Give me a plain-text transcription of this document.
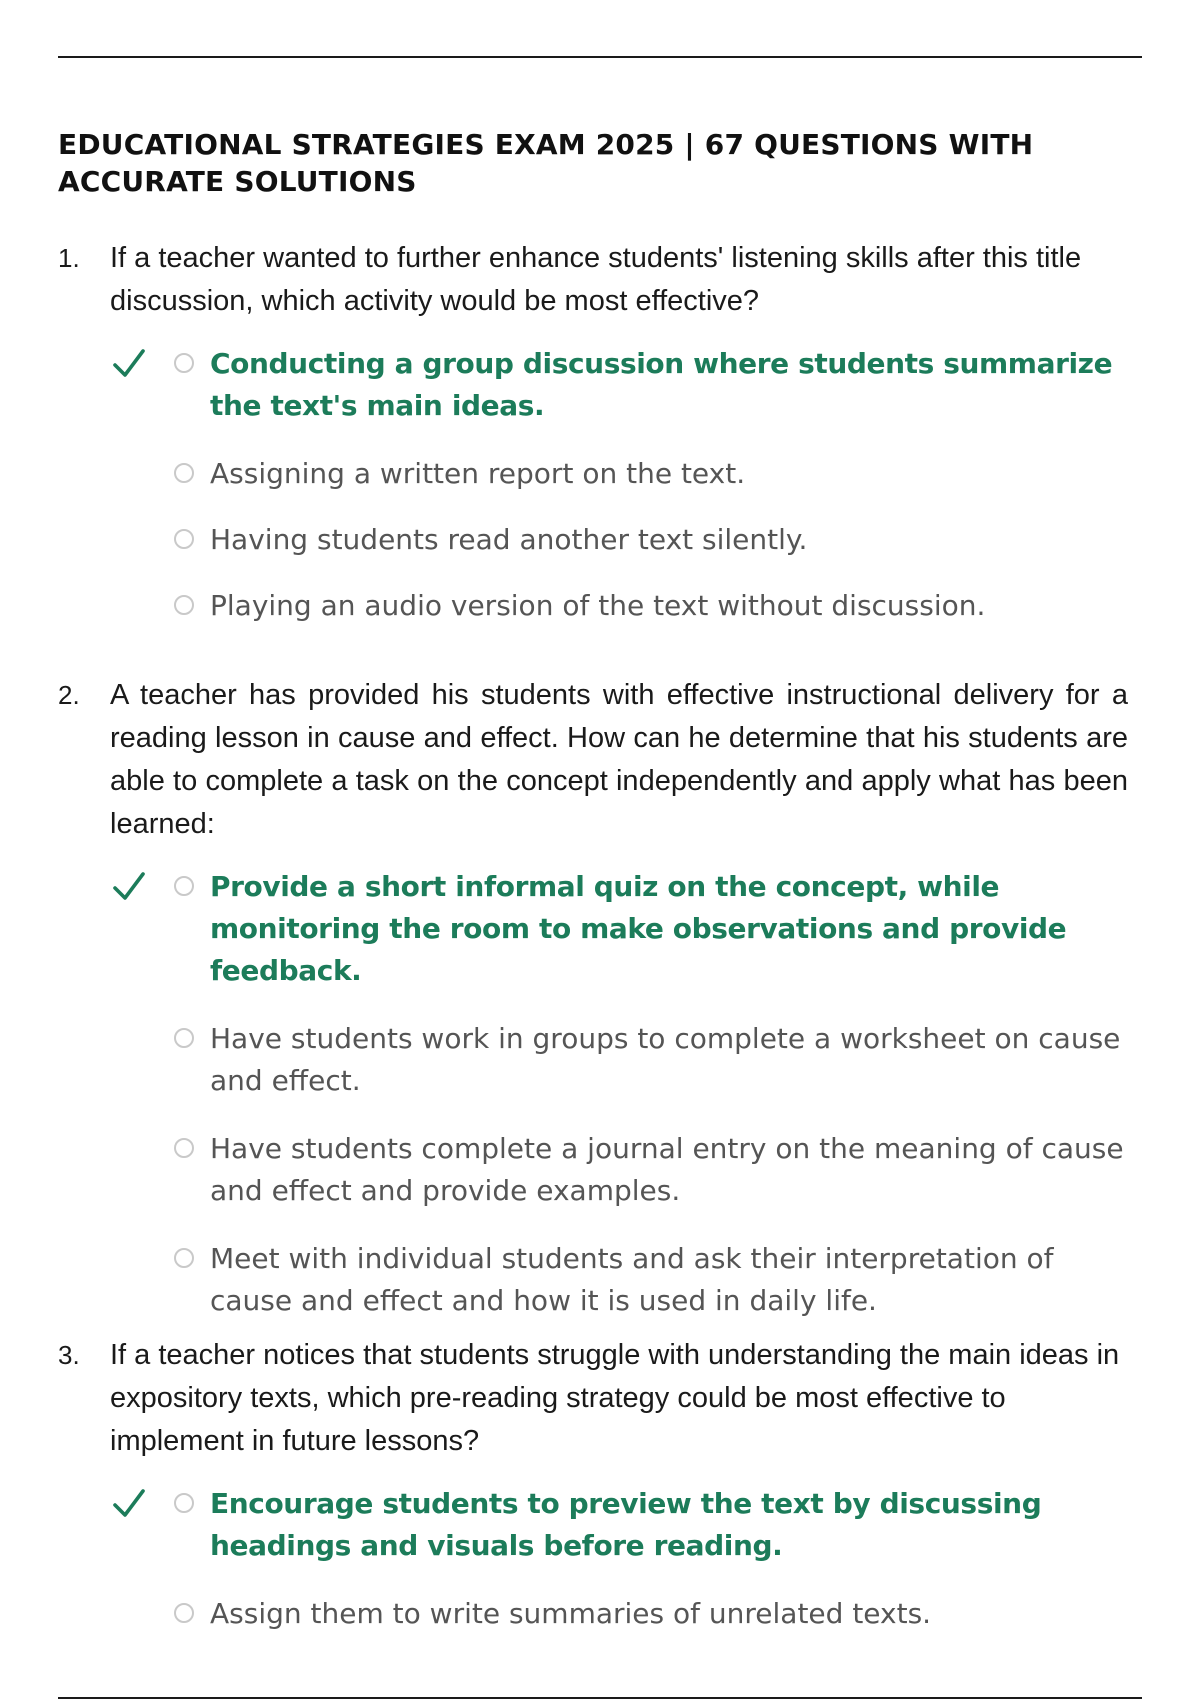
EDUCATIONAL STRATEGIES EXAM 2025 | 67 QUESTIONS WITH ACCURATE SOLUTIONS
1. If a teacher wanted to further enhance students' listening skills after this title discussion, which activity would be most effective?
Conducting a group discussion where students summarize the text's main ideas.
Assigning a written report on the text.
Having students read another text silently.
Playing an audio version of the text without discussion.
2. A teacher has provided his students with effective instructional delivery for a reading lesson in cause and effect. How can he determine that his students are able to complete a task on the concept independently and apply what has been learned:
Provide a short informal quiz on the concept, while monitoring the room to make observations and provide feedback.
Have students work in groups to complete a worksheet on cause and effect.
Have students complete a journal entry on the meaning of cause and effect and provide examples.
Meet with individual students and ask their interpretation of cause and effect and how it is used in daily life.
3. If a teacher notices that students struggle with understanding the main ideas in expository texts, which pre-reading strategy could be most effective to implement in future lessons?
Encourage students to preview the text by discussing headings and visuals before reading.
Assign them to write summaries of unrelated texts.
